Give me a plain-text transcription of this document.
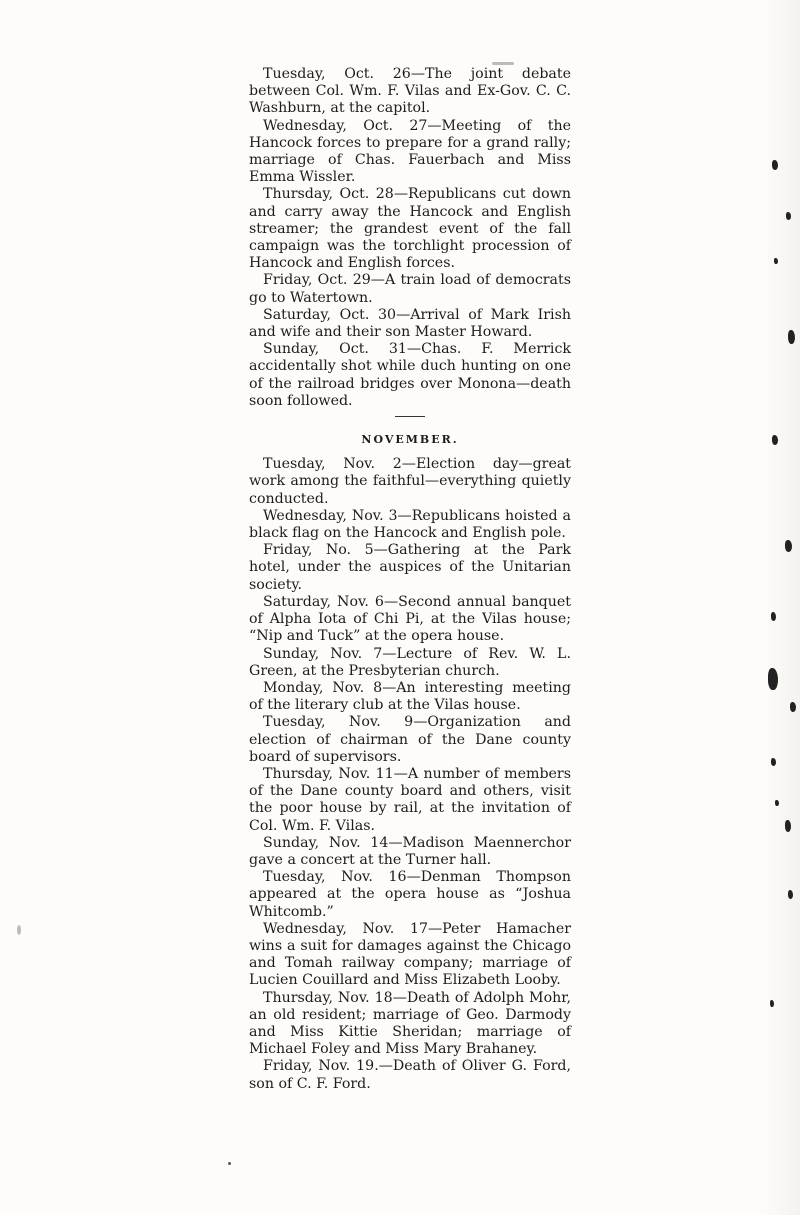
Tuesday, Oct. 26—The joint debate between Col. Wm. F. Vilas and Ex-Gov. C. C. Washburn, at the capitol.

Wednesday, Oct. 27—Meeting of the Hancock forces to prepare for a grand rally; marriage of Chas. Fauerbach and Miss Emma Wissler.

Thursday, Oct. 28—Republicans cut down and carry away the Hancock and English streamer; the grandest event of the fall campaign was the torchlight procession of Hancock and English forces.

Friday, Oct. 29—A train load of democrats go to Watertown.

Saturday, Oct. 30—Arrival of Mark Irish and wife and their son Master Howard.

Sunday, Oct. 31—Chas. F. Merrick accidentally shot while duch hunting on one of the railroad bridges over Monona—death soon followed.

NOVEMBER.

Tuesday, Nov. 2—Election day—great work among the faithful—everything quietly conducted.

Wednesday, Nov. 3—Republicans hoisted a black flag on the Hancock and English pole.

Friday, No. 5—Gathering at the Park hotel, under the auspices of the Unitarian society.

Saturday, Nov. 6—Second annual banquet of Alpha Iota of Chi Pi, at the Vilas house; “Nip and Tuck” at the opera house.

Sunday, Nov. 7—Lecture of Rev. W. L. Green, at the Presbyterian church.

Monday, Nov. 8—An interesting meeting of the literary club at the Vilas house.

Tuesday, Nov. 9—Organization and election of chairman of the Dane county board of supervisors.

Thursday, Nov. 11—A number of members of the Dane county board and others, visit the poor house by rail, at the invitation of Col. Wm. F. Vilas.

Sunday, Nov. 14—Madison Maennerchor gave a concert at the Turner hall.

Tuesday, Nov. 16—Denman Thompson appeared at the opera house as “Joshua Whitcomb.”

Wednesday, Nov. 17—Peter Hamacher wins a suit for damages against the Chicago and Tomah railway company; marriage of Lucien Couillard and Miss Elizabeth Looby.

Thursday, Nov. 18—Death of Adolph Mohr, an old resident; marriage of Geo. Darmody and Miss Kittie Sheridan; marriage of Michael Foley and Miss Mary Brahaney.

Friday, Nov. 19.—Death of Oliver G. Ford, son of C. F. Ford.
